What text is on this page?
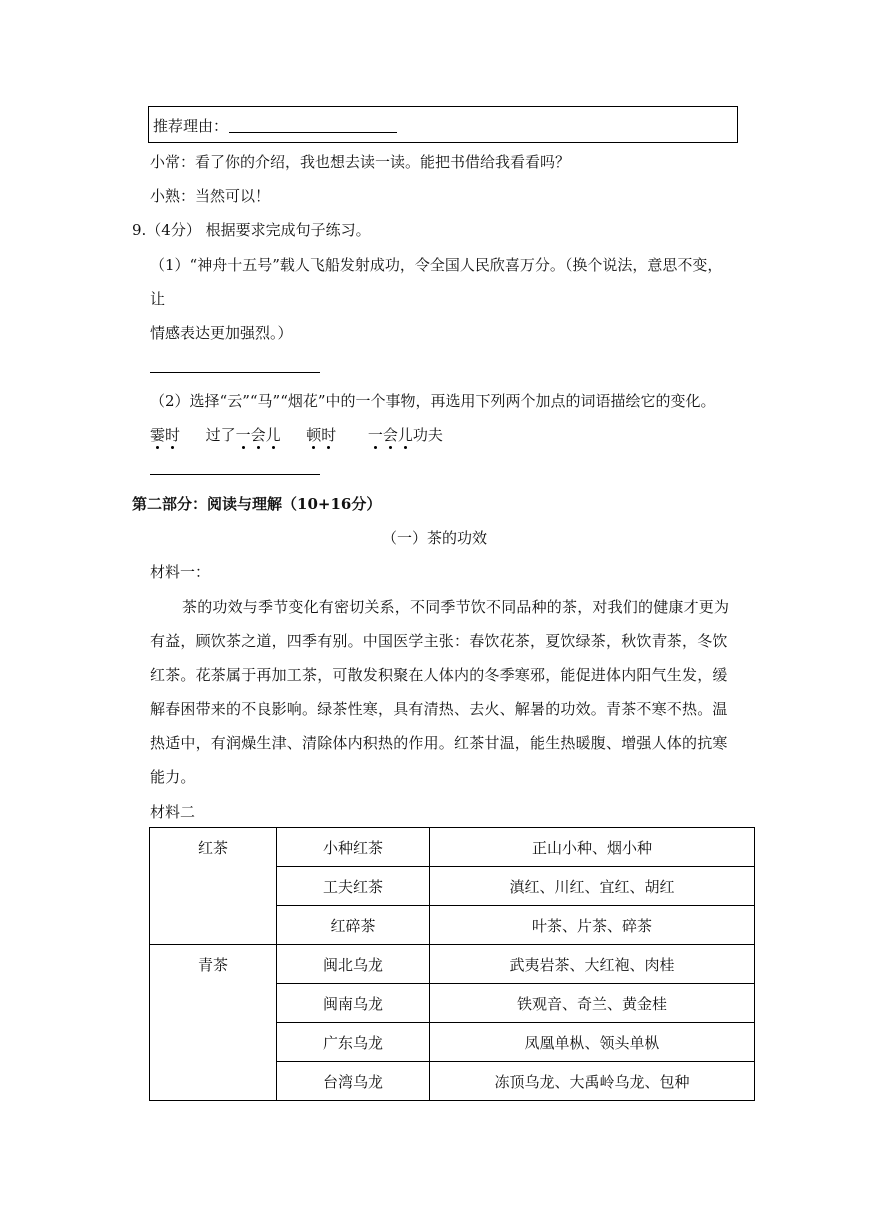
推荐理由：
小常：看了你的介绍，我也想去读一读。能把书借给我看看吗？
小熟：当然可以！
9.（4分） 根据要求完成句子练习。
（1）“神舟十五号”载人飞船发射成功，令全国人民欣喜万分。（换个说法，意思不变，
让
情感表达更加强烈。）
（2）选择“云”“马”“烟花”中的一个事物，再选用下列两个加点的词语描绘它的变化。
霎时 过了一会儿 顿时 一会儿功夫
第二部分：阅读与理解（10+16分）
（一）茶的功效
材料一：
茶的功效与季节变化有密切关系，不同季节饮不同品种的茶，对我们的健康才更为有益，顾饮茶之道，四季有别。中国医学主张：春饮花茶，夏饮绿茶，秋饮青茶，冬饮红茶。花茶属于再加工茶，可散发积聚在人体内的冬季寒邪，能促进体内阳气生发，缓解春困带来的不良影响。绿茶性寒，具有清热、去火、解暑的功效。青茶不寒不热。温热适中，有润燥生津、清除体内积热的作用。红茶甘温，能生热暖腹、增强人体的抗寒能力。
材料二
红茶	小种红茶	正山小种、烟小种
	工夫红茶	滇红、川红、宜红、胡红
	红碎茶	叶茶、片茶、碎茶
青茶	闽北乌龙	武夷岩茶、大红袍、肉桂
	闽南乌龙	铁观音、奇兰、黄金桂
	广东乌龙	凤凰单枞、领头单枞
	台湾乌龙	冻顶乌龙、大禹岭乌龙、包种
